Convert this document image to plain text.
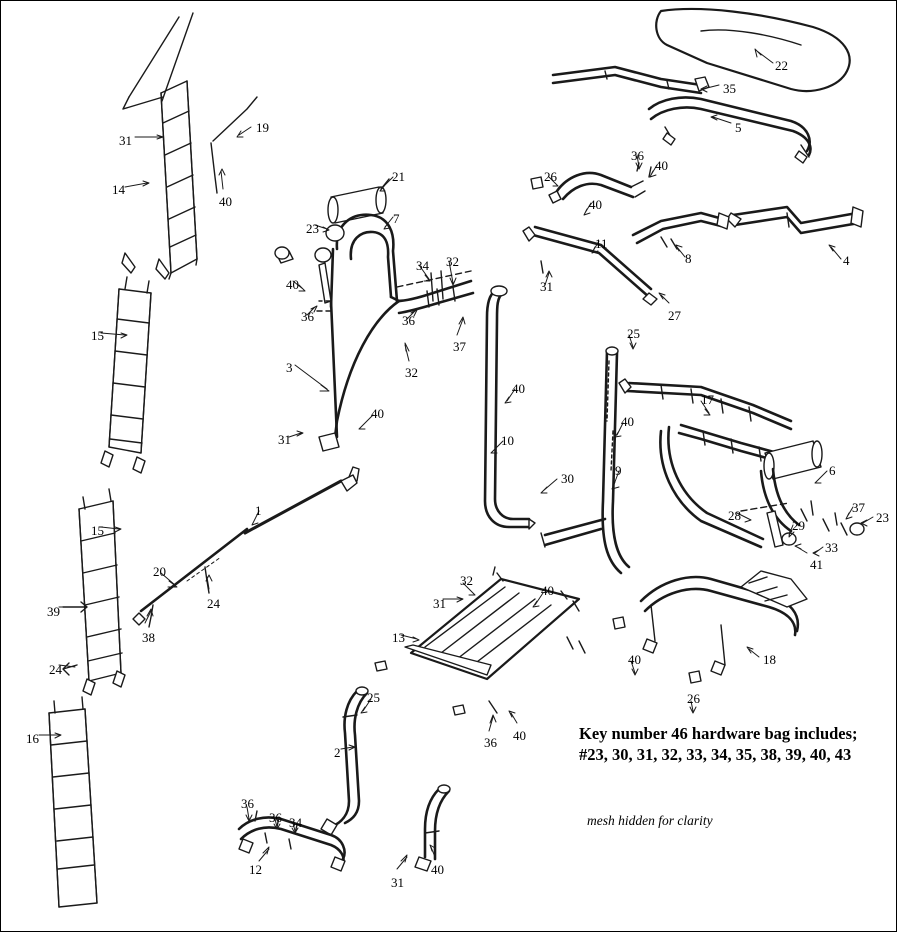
31
19
14
40
22
35
5
36
40
26
21
40
7
23
11
8	4
34 32
40	31
36	36	27
15
37
25
3	32
17
40
40
40
31	10
9	6
1
30
15
37
23
28
29
33
41
20
24
39
38
32
40
31
13
40	18
24
26
25
36 40
16
2
36
36 34
40
12
31
Key number 46 hardware bag includes; #23, 30, 31, 32, 33, 34, 35, 38, 39, 40, 43
mesh hidden for clarity
